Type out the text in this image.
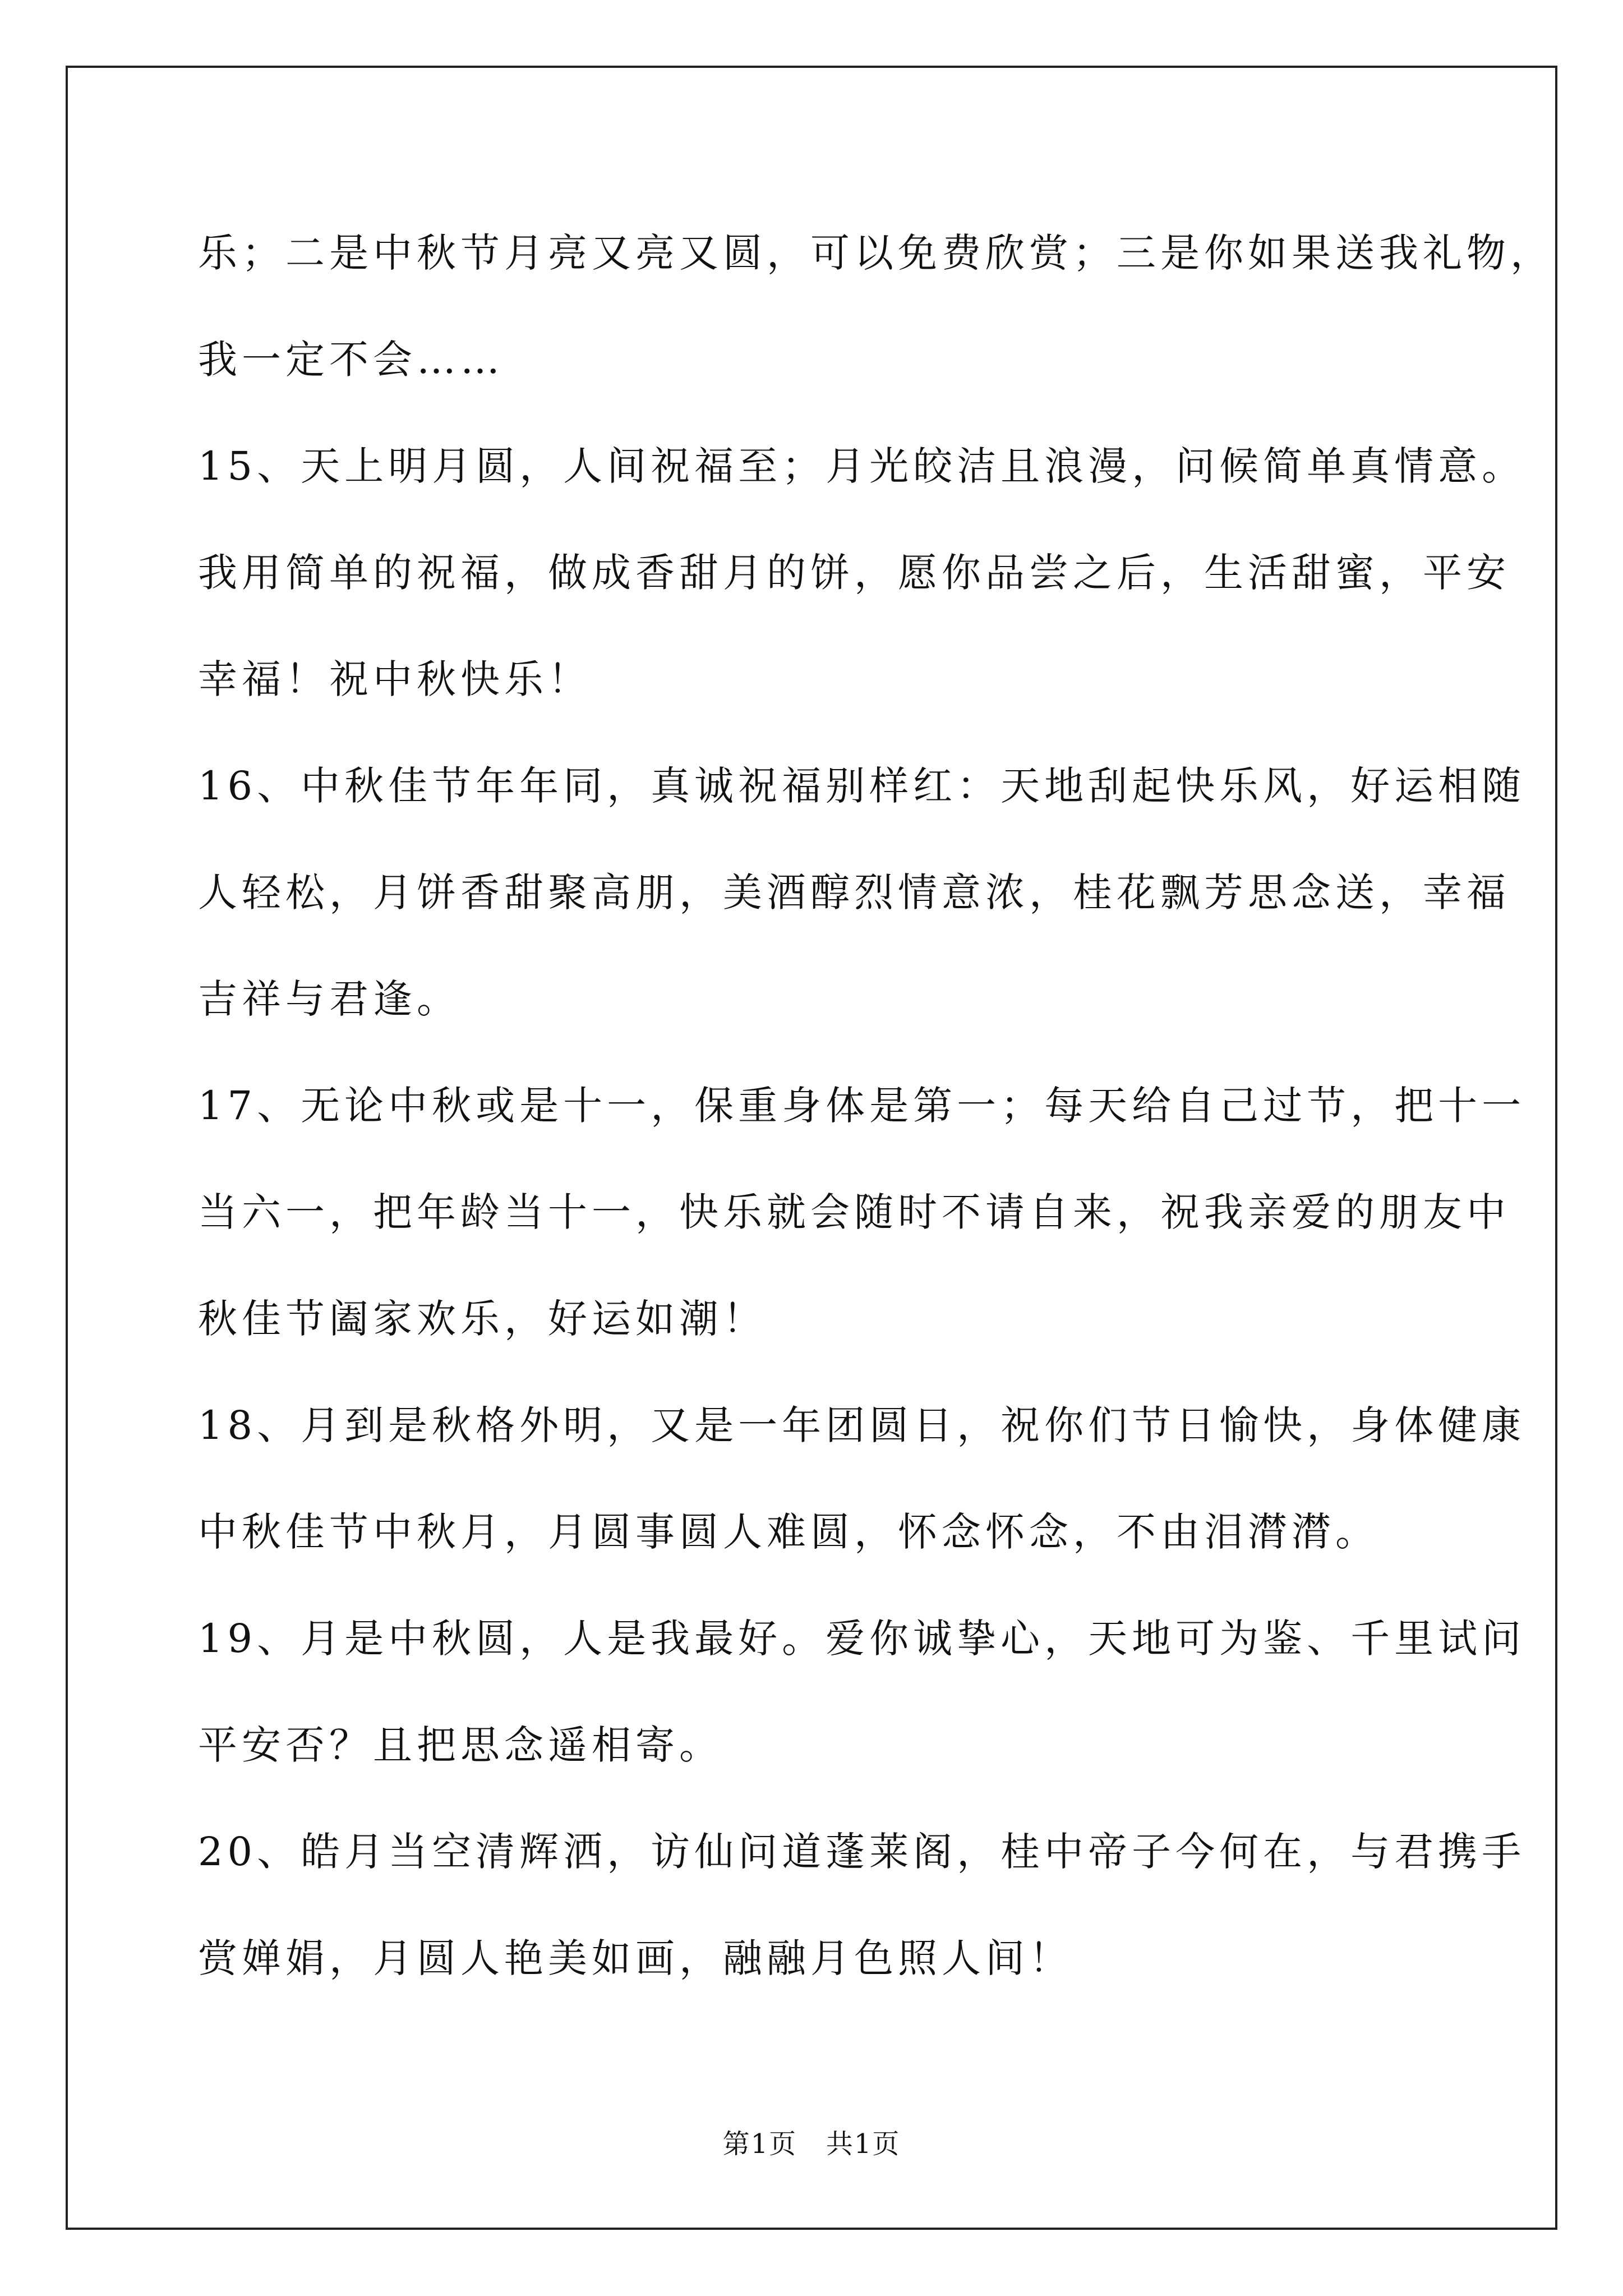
乐；二是中秋节月亮又亮又圆，可以免费欣赏；三是你如果送我礼物，
我一定不会……
15、天上明月圆，人间祝福至；月光皎洁且浪漫，问候简单真情意。
我用简单的祝福，做成香甜月的饼，愿你品尝之后，生活甜蜜，平安
幸福！祝中秋快乐！
16、中秋佳节年年同，真诚祝福别样红：天地刮起快乐风，好运相随
人轻松，月饼香甜聚高朋，美酒醇烈情意浓，桂花飘芳思念送，幸福
吉祥与君逢。
17、无论中秋或是十一，保重身体是第一；每天给自己过节，把十一
当六一，把年龄当十一，快乐就会随时不请自来，祝我亲爱的朋友中
秋佳节阖家欢乐，好运如潮！
18、月到是秋格外明，又是一年团圆日，祝你们节日愉快，身体健康
中秋佳节中秋月，月圆事圆人难圆，怀念怀念，不由泪潸潸。
19、月是中秋圆，人是我最好。爱你诚挚心，天地可为鉴、千里试问
平安否？且把思念遥相寄。
20、皓月当空清辉洒，访仙问道蓬莱阁，桂中帝子今何在，与君携手
赏婵娟，月圆人艳美如画，融融月色照人间！
第1页   共1页
